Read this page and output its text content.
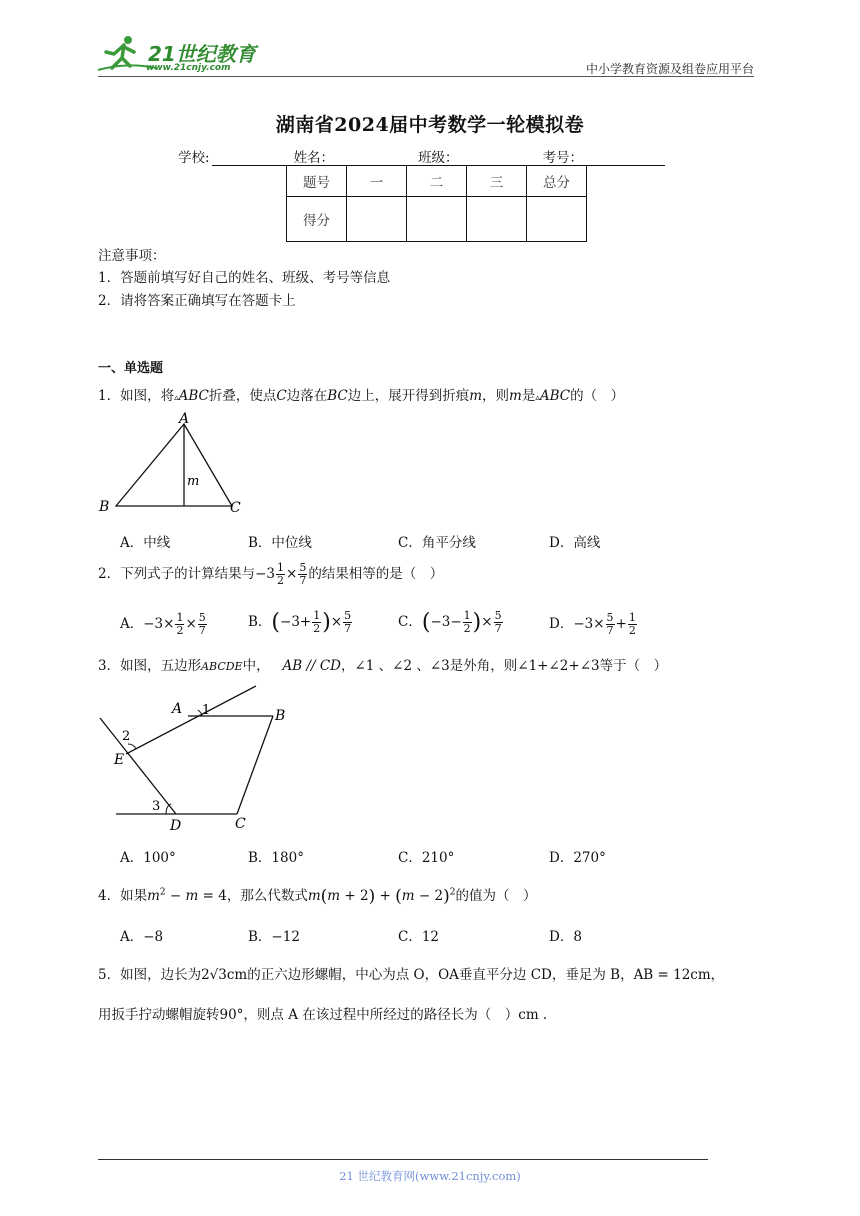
21世纪教育
www.21cnjy.com	中小学教育资源及组卷应用平台
湖南省2024届中考数学一轮模拟卷
学校:	姓名：	班级：	考号：
题号	一	二	三	总分
得分				
注意事项：
1．答题前填写好自己的姓名、班级、考号等信息
2．请将答案正确填写在答题卡上
一、单选题
1．如图，将▵ABC折叠，使点C边落在BC边上，展开得到折痕m，则m是▵ABC的（　）
A
B	C
m
A．中线	B．中位线	C．角平分线	D．高线
2．下列式子的计算结果与$-3 \frac{1}{2} \times \frac{5}{7}$ 的结果相等的是（　）
A．$-3\times \frac{1}{2} \times \frac{5}{7}$	B．($-3+ \frac{1}{2}$ )× $\frac{5}{7}$	C．($-3- \frac{1}{2}$ )× $\frac{5}{7}$	D．$-3\times \frac{5}{7} + \frac{1}{2}$
3．如图，五边形ABCDE中， AB // CD，∠1 、∠2 、∠3是外角，则∠1+∠2+∠3等于（　）
A	B
C
D
E
1
2
3
A．100°	B．180°	C．210°	D．270°
4．如果$m^2 - m = 4$，那么代数式$m(m + 2) + (m - 2)^2$的值为（　）
A．−8	B．−12	C．12	D．8
5．如图，边长为2√3cm的正六边形螺帽，中心为点 O，OA垂直平分边 CD，垂足为 B，AB = 12cm，
用扳手拧动螺帽旋转90°，则点 A 在该过程中所经过的路径长为（　）cm .
21 世纪教育网(www.21cnjy.com)
